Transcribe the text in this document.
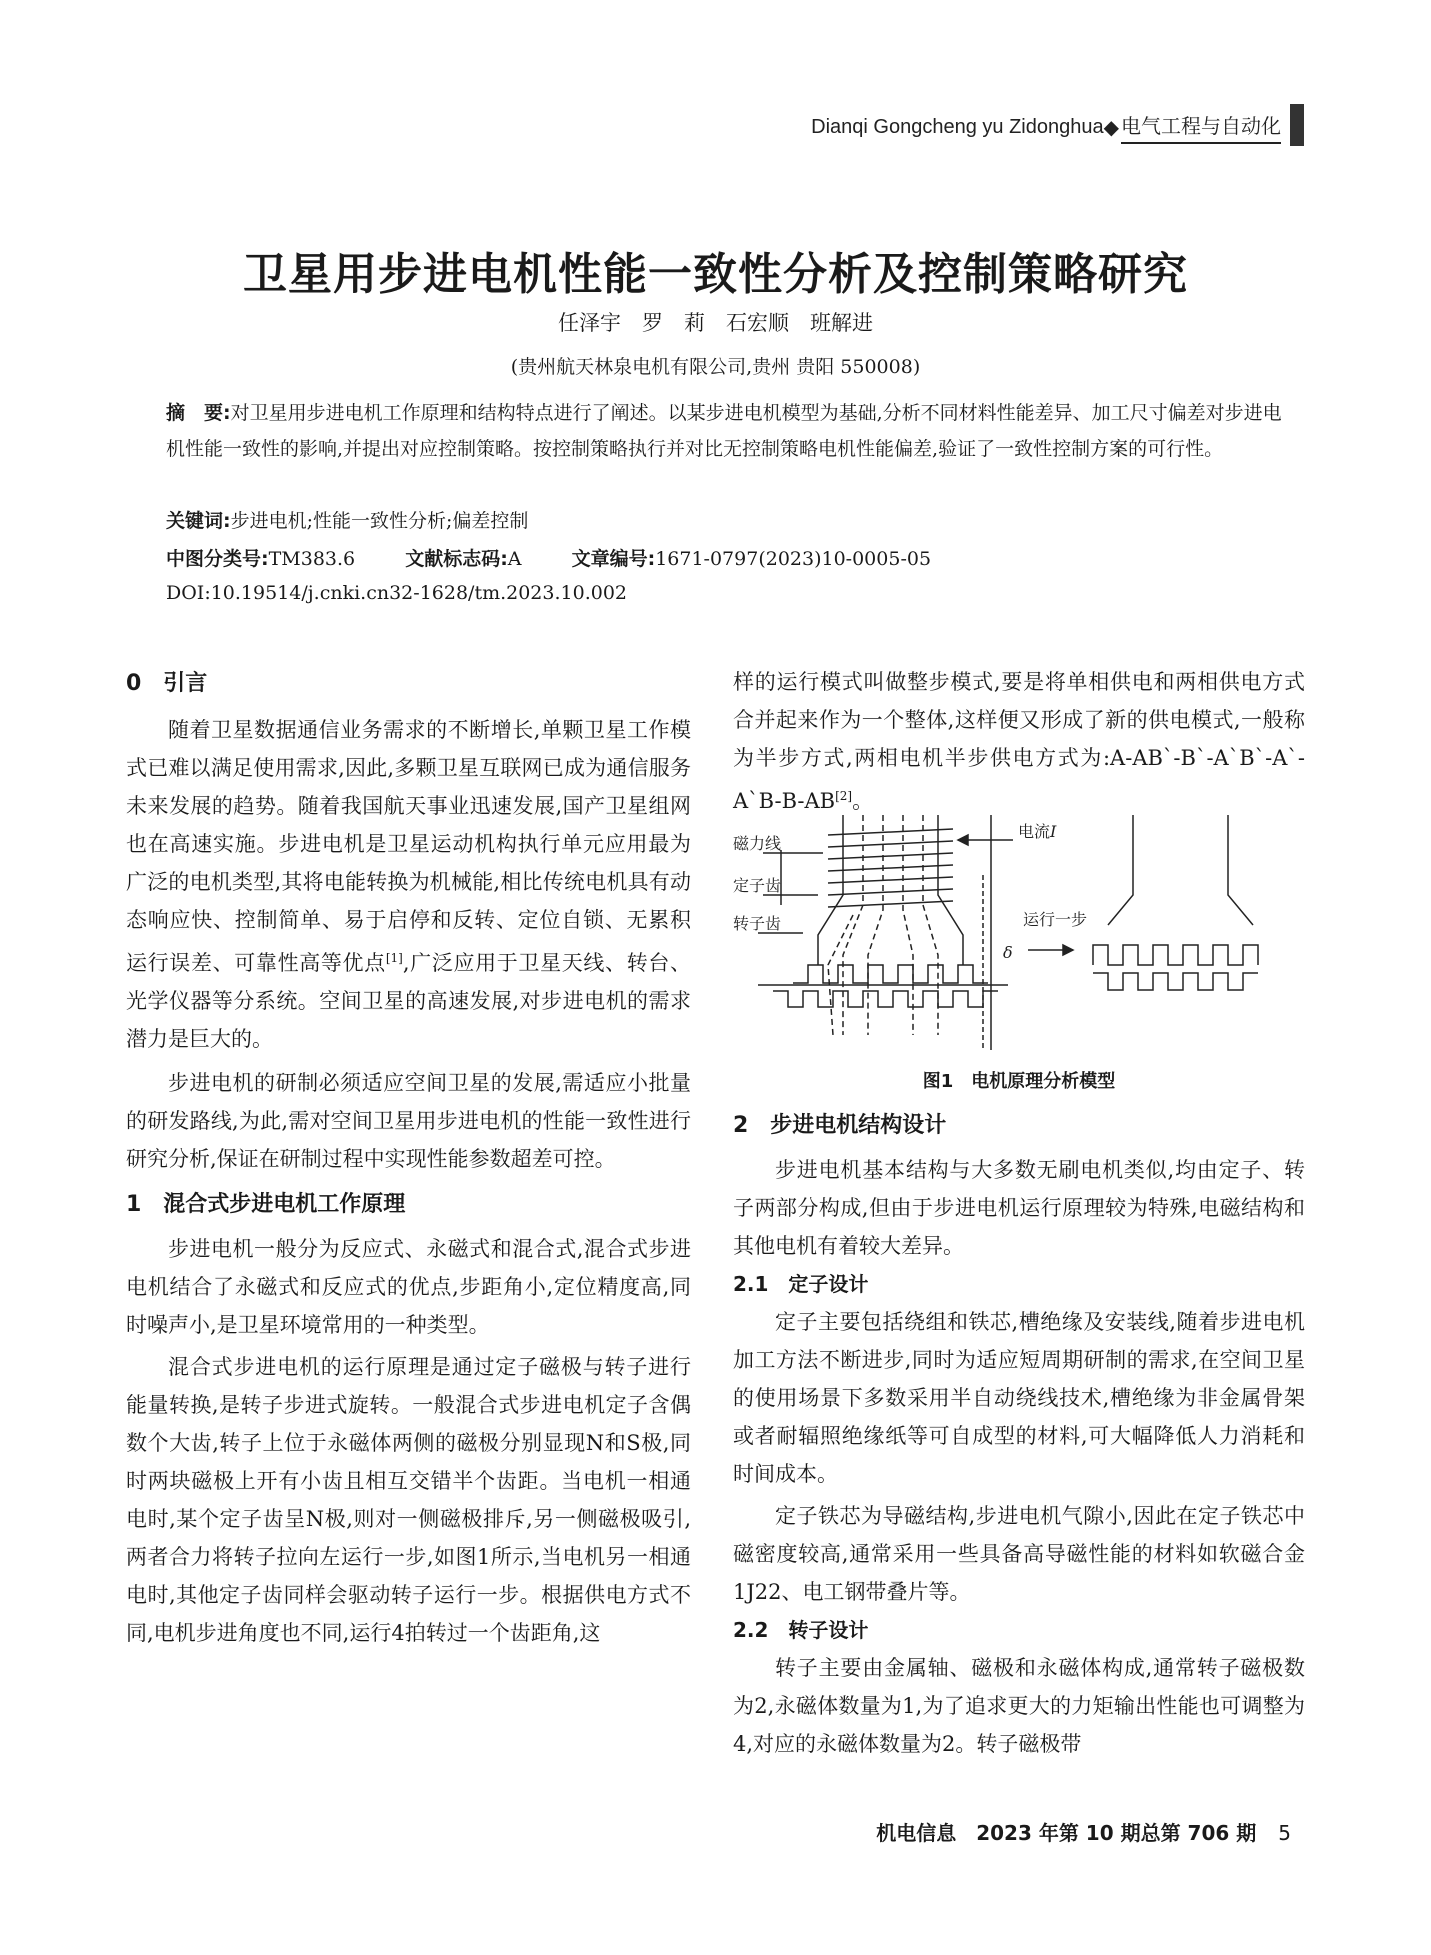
Dianqi Gongcheng yu Zidonghua ◆ 电气工程与自动化
卫星用步进电机性能一致性分析及控制策略研究
任泽宇　罗　莉　石宏顺　班解进
(贵州航天林泉电机有限公司,贵州 贵阳 550008)
摘　要:对卫星用步进电机工作原理和结构特点进行了阐述。以某步进电机模型为基础,分析不同材料性能差异、加工尺寸偏差对步进电机性能一致性的影响,并提出对应控制策略。按控制策略执行并对比无控制策略电机性能偏差,验证了一致性控制方案的可行性。
关键词:步进电机;性能一致性分析;偏差控制
中图分类号:TM383.6	文献标志码:A	文章编号:1671-0797(2023)10-0005-05
DOI:10.19514/j.cnki.cn32-1628/tm.2023.10.002
0　引言

随着卫星数据通信业务需求的不断增长,单颗卫星工作模式已难以满足使用需求,因此,多颗卫星互联网已成为通信服务未来发展的趋势。随着我国航天事业迅速发展,国产卫星组网也在高速实施。步进电机是卫星运动机构执行单元应用最为广泛的电机类型,其将电能转换为机械能,相比传统电机具有动态响应快、控制简单、易于启停和反转、定位自锁、无累积运行误差、可靠性高等优点[1],广泛应用于卫星天线、转台、光学仪器等分系统。空间卫星的高速发展,对步进电机的需求潜力是巨大的。

步进电机的研制必须适应空间卫星的发展,需适应小批量的研发路线,为此,需对空间卫星用步进电机的性能一致性进行研究分析,保证在研制过程中实现性能参数超差可控。

1　混合式步进电机工作原理

步进电机一般分为反应式、永磁式和混合式,混合式步进电机结合了永磁式和反应式的优点,步距角小,定位精度高,同时噪声小,是卫星环境常用的一种类型。

混合式步进电机的运行原理是通过定子磁极与转子进行能量转换,是转子步进式旋转。一般混合式步进电机定子含偶数个大齿,转子上位于永磁体两侧的磁极分别显现N和S极,同时两块磁极上开有小齿且相互交错半个齿距。当电机一相通电时,某个定子齿呈N极,则对一侧磁极排斥,另一侧磁极吸引,两者合力将转子拉向左运行一步,如图1所示,当电机另一相通电时,其他定子齿同样会驱动转子运行一步。根据供电方式不同,电机步进角度也不同,运行4拍转过一个齿距角,这

样的运行模式叫做整步模式,要是将单相供电和两相供电方式合并起来作为一个整体,这样便又形成了新的供电模式,一般称为半步方式,两相电机半步供电方式为:A-AB`-B`-A`B`-A`-A`B-B-AB[2]。

电流I
磁力线
定子齿
转子齿	运行一步
δ
图1　电机原理分析模型
2　步进电机结构设计

步进电机基本结构与大多数无刷电机类似,均由定子、转子两部分构成,但由于步进电机运行原理较为特殊,电磁结构和其他电机有着较大差异。

2.1　定子设计

定子主要包括绕组和铁芯,槽绝缘及安装线,随着步进电机加工方法不断进步,同时为适应短周期研制的需求,在空间卫星的使用场景下多数采用半自动绕线技术,槽绝缘为非金属骨架或者耐辐照绝缘纸等可自成型的材料,可大幅降低人力消耗和时间成本。

定子铁芯为导磁结构,步进电机气隙小,因此在定子铁芯中磁密度较高,通常采用一些具备高导磁性能的材料如软磁合金1J22、电工钢带叠片等。

2.2　转子设计

转子主要由金属轴、磁极和永磁体构成,通常转子磁极数为2,永磁体数量为1,为了追求更大的力矩输出性能也可调整为4,对应的永磁体数量为2。转子磁极带

机电信息　2023 年第 10 期总第 706 期 5
